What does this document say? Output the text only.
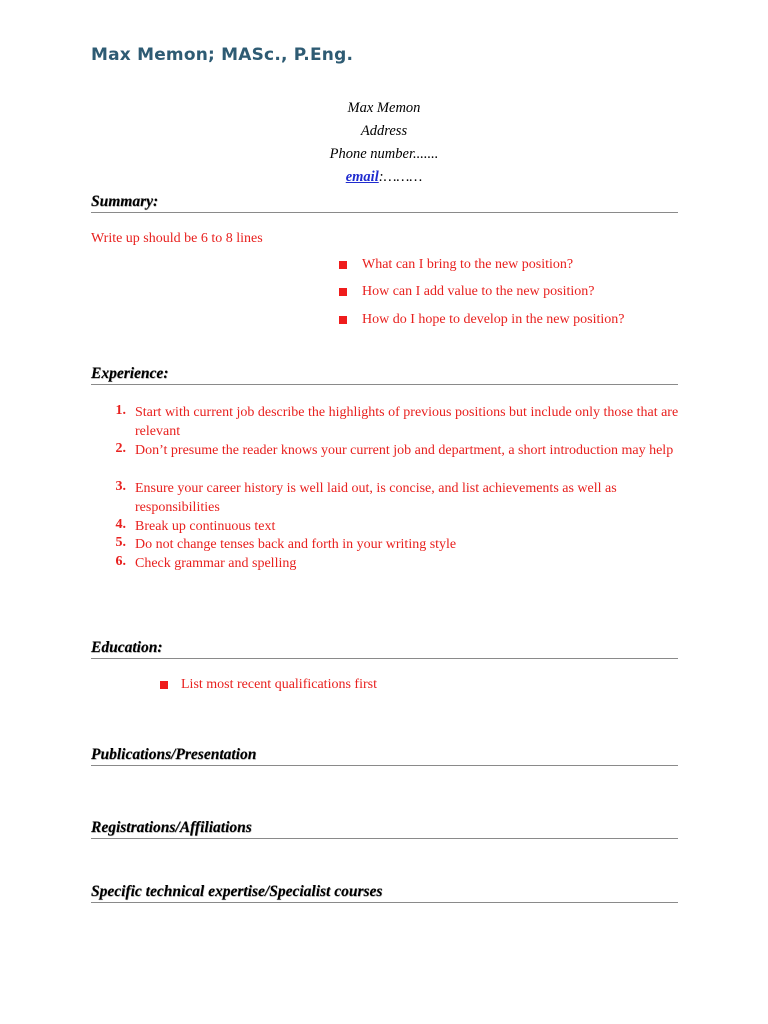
Max Memon; MASc., P.Eng.
Max Memon
Address
Phone number.......
email:………
Summary:
Write up should be 6 to 8 lines
What can I bring to the new position?
How can I add value to the new position?
How do I hope to develop in the new position?
Experience:
1. Start with current job describe the highlights of previous positions but include only those that are relevant
2. Don’t presume the reader knows your current job and department, a short introduction may help
3. Ensure your career history is well laid out, is concise, and list achievements as well as responsibilities
4. Break up continuous text
5. Do not change tenses back and forth in your writing style
6. Check grammar and spelling
Education:
List most recent qualifications first
Publications/Presentation
Registrations/Affiliations
Specific technical expertise/Specialist courses
